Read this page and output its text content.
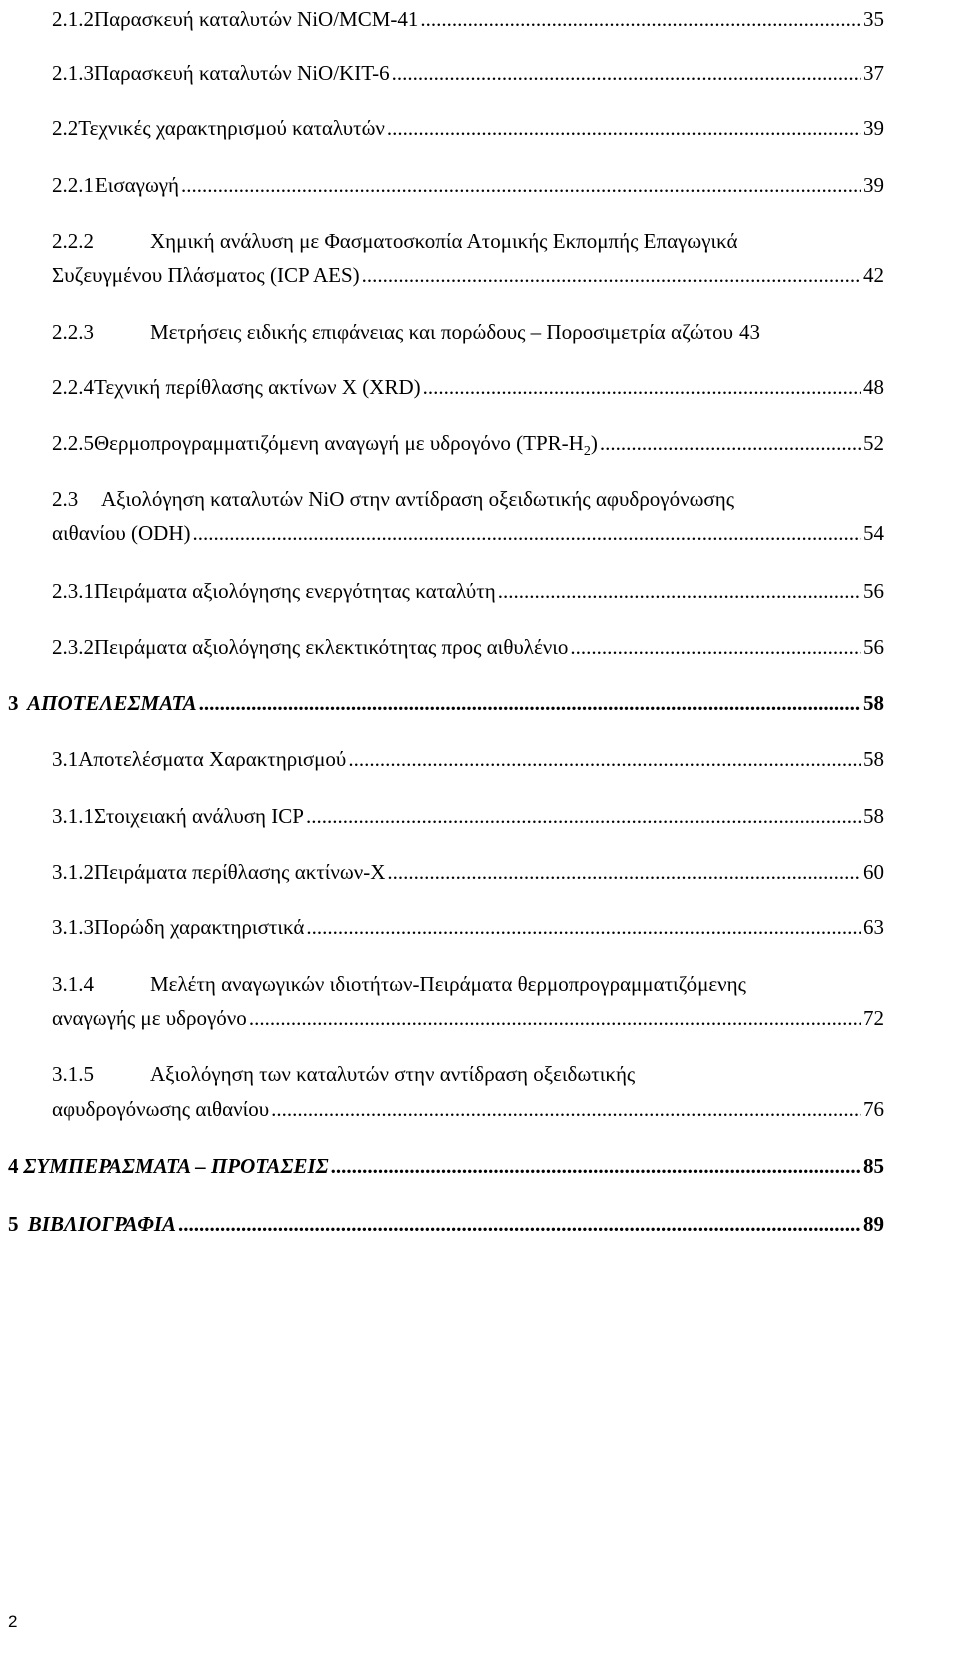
2.1.2 Παρασκευή καταλυτών NiO/MCM-41 .....	35
2.1.3 Παρασκευή καταλυτών NiO/KIT-6 .....	37
2.2 Τεχνικές χαρακτηρισμού καταλυτών .....	39
2.2.1 Εισαγωγή .....	39
2.2.2	Χημική ανάλυση με Φασματοσκοπία Ατομικής Εκπομπής Επαγωγικά
Συζευγμένου Πλάσματος (ICP AES) .....	42
2.2.3	Μετρήσεις ειδικής επιφάνειας και πορώδους – Ποροσιμετρία αζώτου 43
2.2.4 Τεχνική περίθλασης ακτίνων X (XRD) .....	48
2.2.5 Θερμοπρογραμματιζόμενη αναγωγή με υδρογόνο $(TPR-H_2)$ .....	52
2.3 Αξιολόγηση καταλυτών NiO στην αντίδραση οξειδωτικής αφυδρογόνωσης
αιθανίου (ODH) .....	54
2.3.1 Πειράματα αξιολόγησης ενεργότητας καταλύτη .....	56
2.3.2 Πειράματα αξιολόγησης εκλεκτικότητας προς αιθυλένιο .....	56
3 ΑΠΟΤΕΛΕΣΜΑΤΑ .....	58
3.1 Αποτελέσματα Χαρακτηρισμού .....	58
3.1.1 Στοιχειακή ανάλυση ICP .....	58
3.1.2 Πειράματα περίθλασης ακτίνων-Χ .....	60
3.1.3 Πορώδη χαρακτηριστικά .....	63
3.1.4	Μελέτη αναγωγικών ιδιοτήτων-Πειράματα θερμοπρογραμματιζόμενης
αναγωγής με υδρογόνο .....	72
3.1.5	Αξιολόγηση των καταλυτών στην αντίδραση οξειδωτικής
αφυδρογόνωσης αιθανίου .....	76
4 ΣΥΜΠΕΡΑΣΜΑΤΑ – ΠΡΟΤΑΣΕΙΣ .....	85
5 ΒΙΒΛΙΟΓΡΑΦΙΑ .....	89
2
